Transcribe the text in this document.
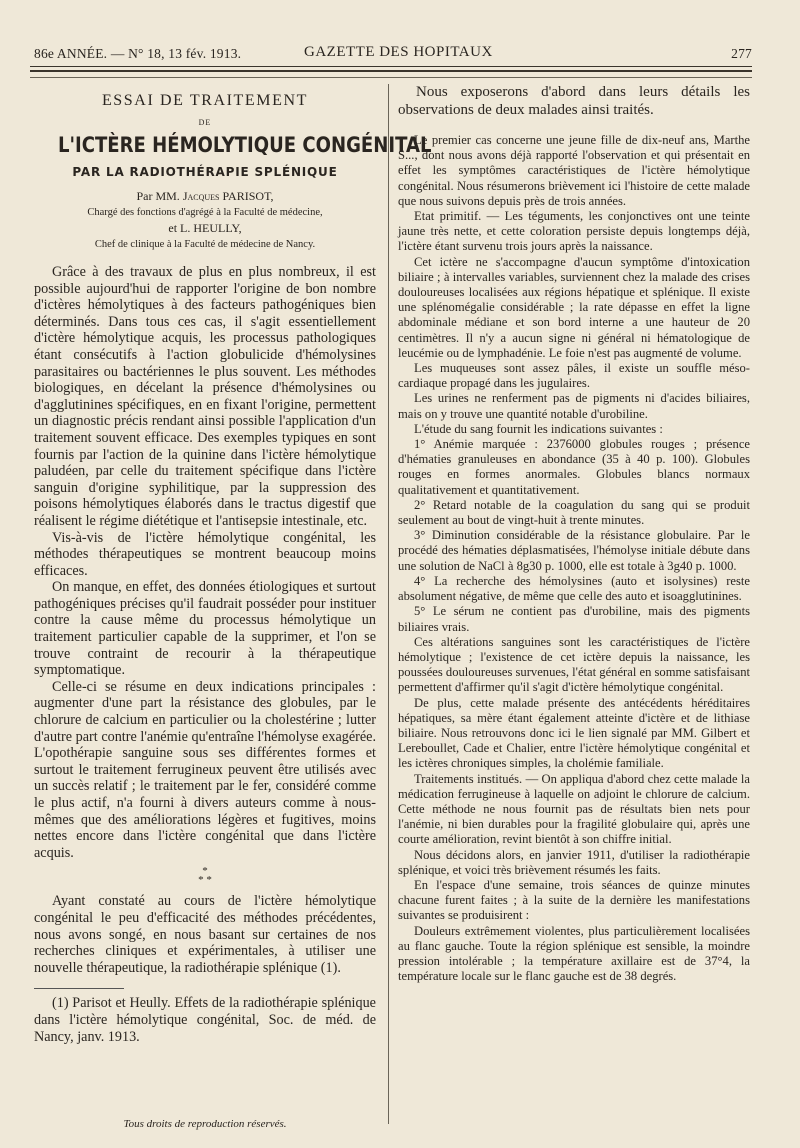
86e ANNÉE. — N° 18, 13 fév. 1913.	GAZETTE DES HOPITAUX	277
ESSAI DE TRAITEMENT
DE
L'ICTÈRE HÉMOLYTIQUE CONGÉNITAL
PAR LA RADIOTHÉRAPIE SPLÉNIQUE
Par MM. Jacques PARISOT,
Chargé des fonctions d'agrégé à la Faculté de médecine,
et L. HEULLY,
Chef de clinique à la Faculté de médecine de Nancy.

Grâce à des travaux de plus en plus nombreux, il est possible aujourd'hui de rapporter l'origine de bon nombre d'ictères hémolytiques à des facteurs pathogéniques bien déterminés. Dans tous ces cas, il s'agit essentiellement d'ictère hémolytique acquis, les processus pathologiques étant consécutifs à l'action globulicide d'hémolysines parasitaires ou bactériennes le plus souvent. Les méthodes biologiques, en décelant la présence d'hémolysines ou d'agglutinines spécifiques, en en fixant l'origine, permettent un diagnostic précis rendant ainsi possible l'application d'un traitement souvent efficace. Des exemples typiques en sont fournis par l'action de la quinine dans l'ictère hémolytique paludéen, par celle du traitement spécifique dans l'ictère sanguin d'origine syphilitique, par la suppression des poisons hémolytiques élaborés dans le tractus digestif que réalisent le régime diététique et l'antisepsie intestinale, etc.

Vis-à-vis de l'ictère hémolytique congénital, les méthodes thérapeutiques se montrent beaucoup moins efficaces.

On manque, en effet, des données étiologiques et surtout pathogéniques précises qu'il faudrait posséder pour instituer contre la cause même du processus hémolytique un traitement particulier capable de la supprimer, et l'on se trouve contraint de recourir à la thérapeutique symptomatique.

Celle-ci se résume en deux indications principales : augmenter d'une part la résistance des globules, par le chlorure de calcium en particulier ou la cholestérine ; lutter d'autre part contre l'anémie qu'entraîne l'hémolyse exagérée. L'opothérapie sanguine sous ses différentes formes et surtout le traitement ferrugineux peuvent être utilisés avec un succès relatif ; le traitement par le fer, considéré comme le plus actif, n'a fourni à divers auteurs comme à nous-mêmes que des améliorations légères et fugitives, moins nettes encore dans l'ictère congénital que dans l'ictère acquis.

*
* *

Ayant constaté au cours de l'ictère hémolytique congénital le peu d'efficacité des méthodes précédentes, nous avons songé, en nous basant sur certaines de nos recherches cliniques et expérimentales, à utiliser une nouvelle thérapeutique, la radiothérapie splénique (1).

(1) Parisot et Heully. Effets de la radiothérapie splénique dans l'ictère hémolytique congénital, Soc. de méd. de Nancy, janv. 1913.

Tous droits de reproduction réservés.

Nous exposerons d'abord dans leurs détails les observations de deux malades ainsi traités.

Le premier cas concerne une jeune fille de dix-neuf ans, Marthe S..., dont nous avons déjà rapporté l'observation et qui présentait en effet les symptômes caractéristiques de l'ictère hémolytique congénital. Nous résumerons brièvement ici l'histoire de cette malade que nous suivons depuis près de trois années.

Etat primitif. — Les téguments, les conjonctives ont une teinte jaune très nette, et cette coloration persiste depuis longtemps déjà, l'ictère étant survenu trois jours après la naissance.

Cet ictère ne s'accompagne d'aucun symptôme d'intoxication biliaire ; à intervalles variables, surviennent chez la malade des crises douloureuses localisées aux régions hépatique et splénique. Il existe une splénomégalie considérable ; la rate dépasse en effet la ligne abdominale médiane et son bord interne a une hauteur de 20 centimètres. Il n'y a aucun signe ni général ni hématologique de leucémie ou de lymphadénie. Le foie n'est pas augmenté de volume.

Les muqueuses sont assez pâles, il existe un souffle méso-cardiaque propagé dans les jugulaires.

Les urines ne renferment pas de pigments ni d'acides biliaires, mais on y trouve une quantité notable d'urobiline.

L'étude du sang fournit les indications suivantes :

1° Anémie marquée : 2376000 globules rouges ; présence d'hématies granuleuses en abondance (35 à 40 p. 100). Globules rouges en formes anormales. Globules blancs normaux qualitativement et quantitativement.

2° Retard notable de la coagulation du sang qui se produit seulement au bout de vingt-huit à trente minutes.

3° Diminution considérable de la résistance globulaire. Par le procédé des hématies déplasmatisées, l'hémolyse initiale débute dans une solution de NaCl à 8g30 p. 1000, elle est totale à 3g40 p. 1000.

4° La recherche des hémolysines (auto et isolysines) reste absolument négative, de même que celle des auto et isoagglutinines.

5° Le sérum ne contient pas d'urobiline, mais des pigments biliaires vrais.

Ces altérations sanguines sont les caractéristiques de l'ictère hémolytique ; l'existence de cet ictère depuis la naissance, les poussées douloureuses survenues, l'état général en somme satisfaisant permettent d'affirmer qu'il s'agit d'ictère hémolytique congénital.

De plus, cette malade présente des antécédents héréditaires hépatiques, sa mère étant également atteinte d'ictère et de lithiase biliaire. Nous retrouvons donc ici le lien signalé par MM. Gilbert et Lereboullet, Cade et Chalier, entre l'ictère hémolytique congénital et les ictères chroniques simples, la cholémie familiale.

Traitements institués. — On appliqua d'abord chez cette malade la médication ferrugineuse à laquelle on adjoint le chlorure de calcium. Cette méthode ne nous fournit pas de résultats bien nets pour l'anémie, ni bien durables pour la fragilité globulaire qui, après une courte amélioration, revint bientôt à son chiffre initial.

Nous décidons alors, en janvier 1911, d'utiliser la radiothérapie splénique, et voici très brièvement résumés les faits.

En l'espace d'une semaine, trois séances de quinze minutes chacune furent faites ; à la suite de la dernière les manifestations suivantes se produisirent :

Douleurs extrêmement violentes, plus particulièrement localisées au flanc gauche. Toute la région splénique est sensible, la moindre pression intolérable ; la température axillaire est de 37°4, la température locale sur le flanc gauche est de 38 degrés.
